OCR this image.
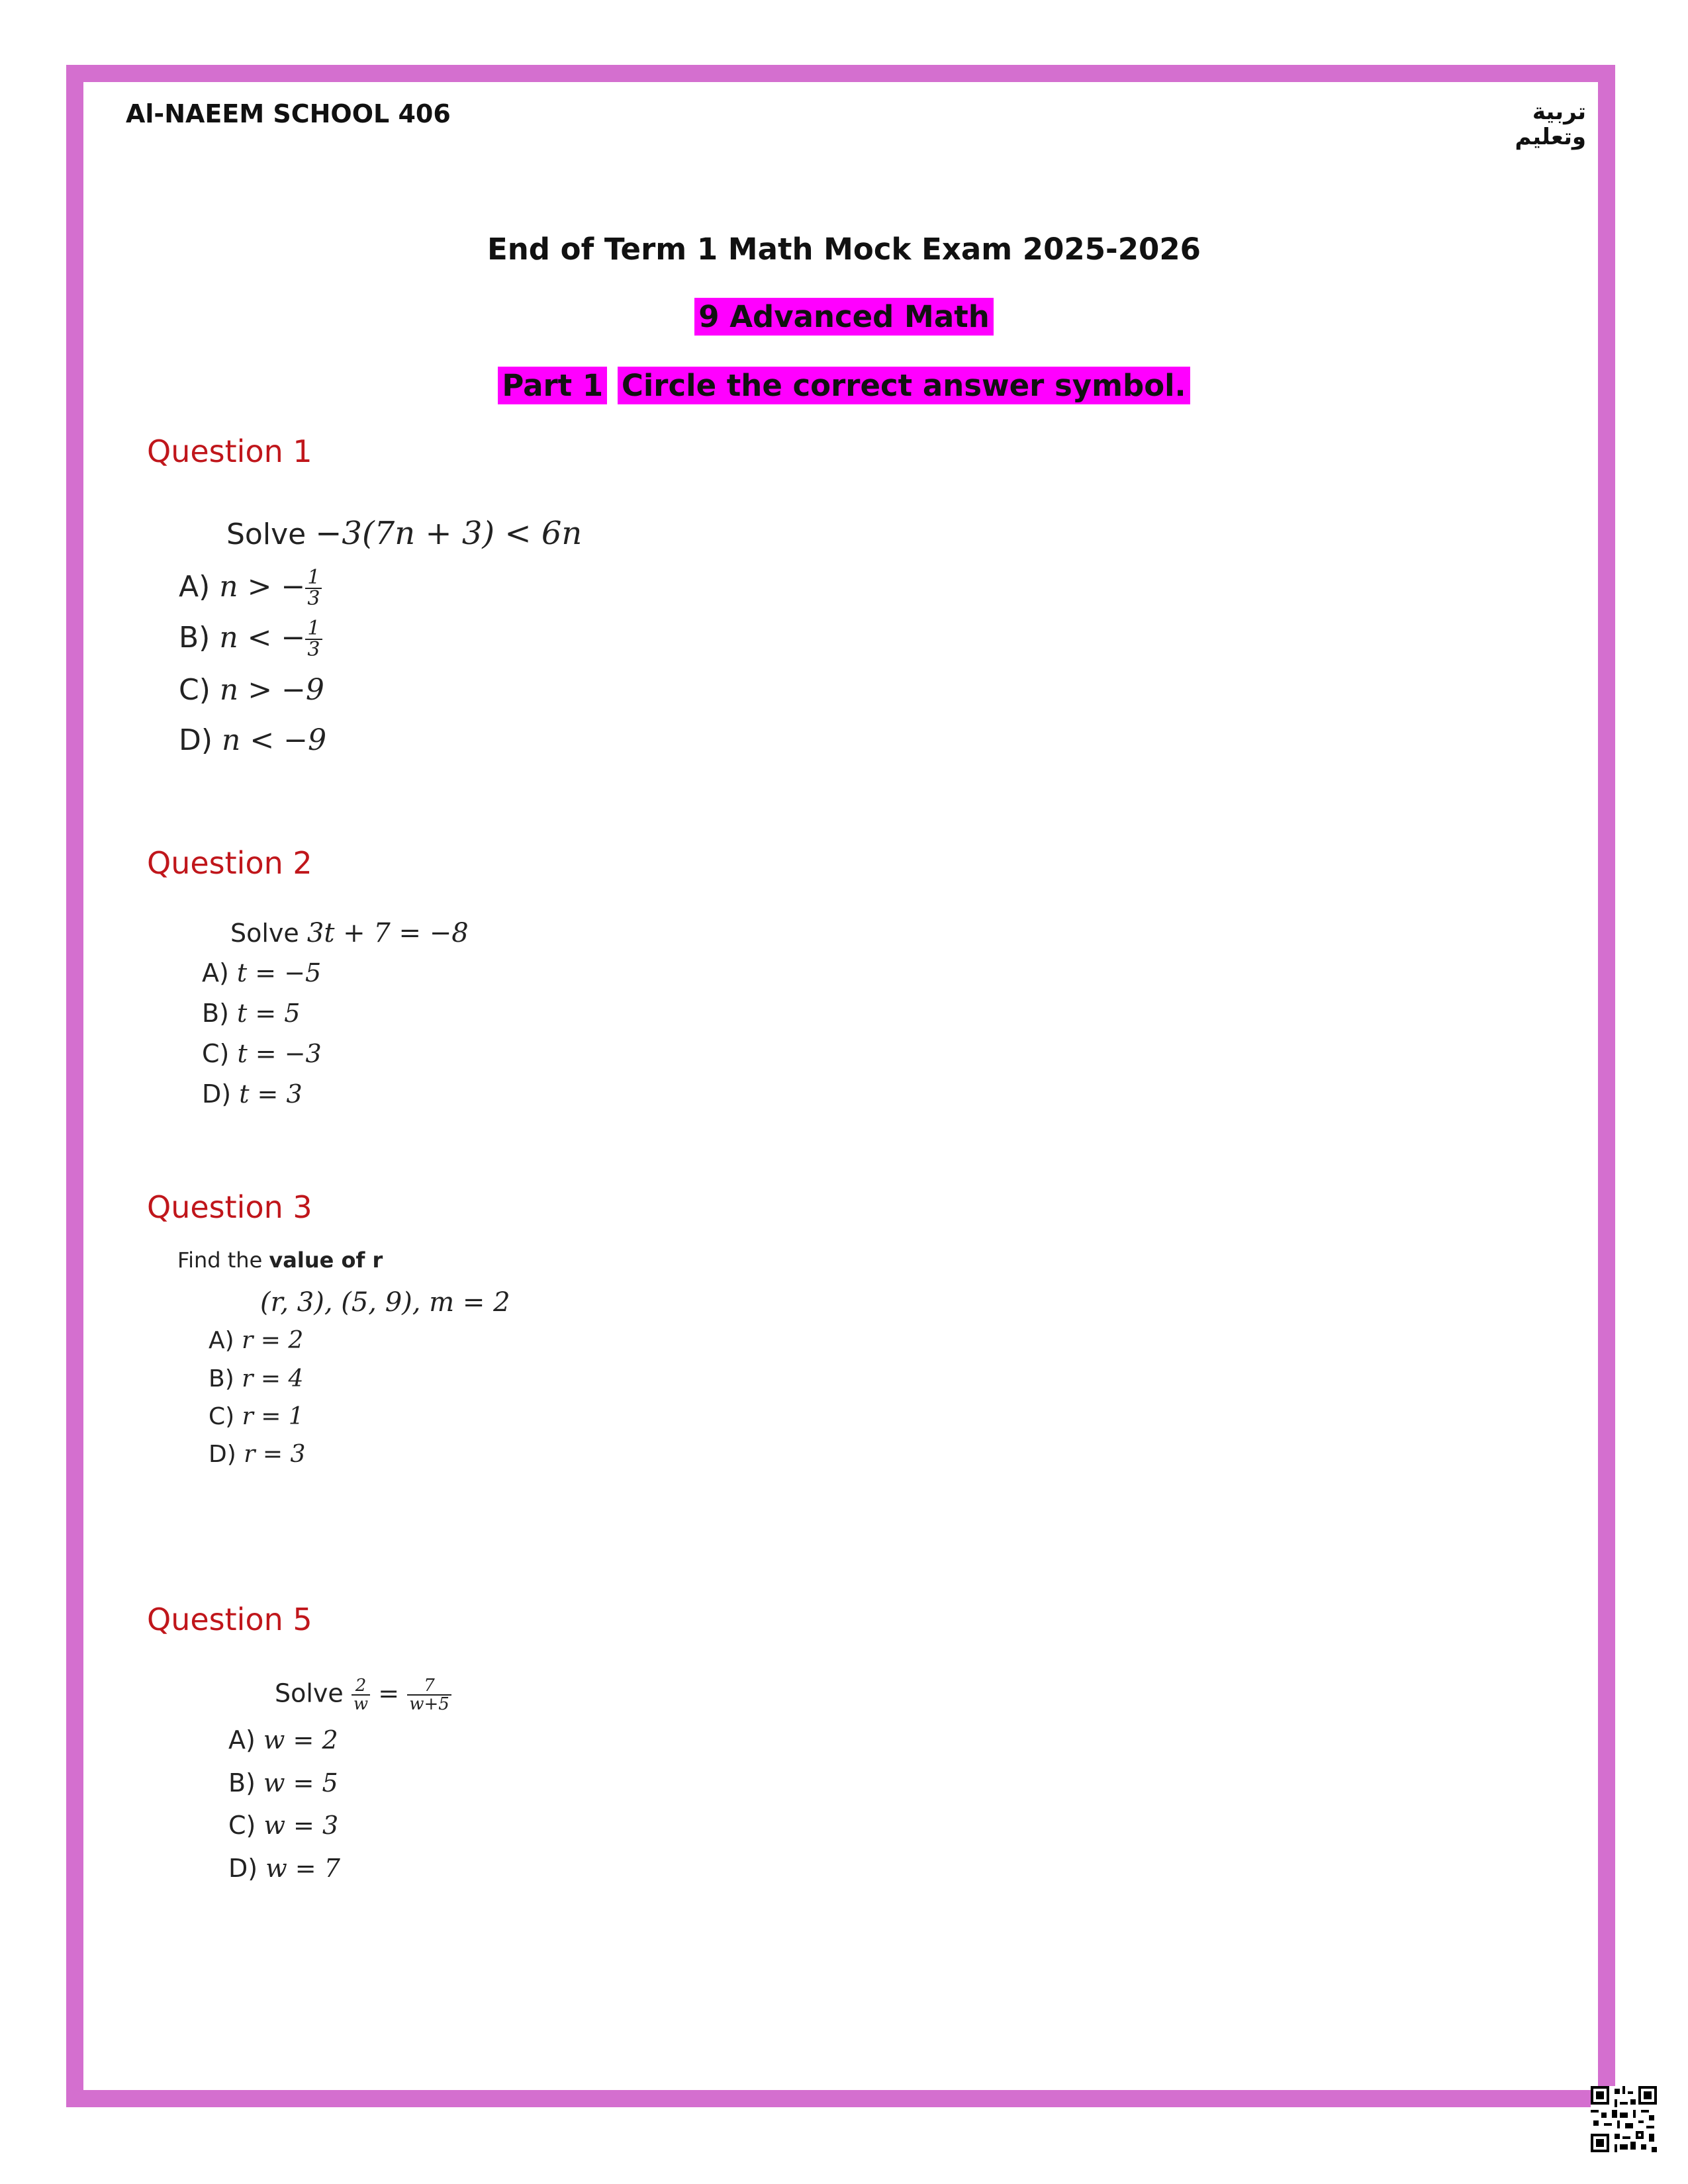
Al-NAEEM SCHOOL 406	تربية وتعليم
End of Term 1 Math Mock Exam 2025-2026
9 Advanced Math
Part 1 Circle the correct answer symbol.
Question 1
Solve −3(7n + 3) < 6n
A) n > − $\frac{1}{3}$
B) n < − $\frac{1}{3}$
C) n > −9
D) n < −9
Question 2
Solve 3t + 7 = −8
A) t = −5
B) t = 5
C) t = −3
D) t = 3
Question 3
Find the value of r
(r, 3), (5, 9), m = 2
A) r = 2
B) r = 4
C) r = 1
D) r = 3
Question 5
Solve $\frac{2}{w} = \frac{7}{w+5}$
A) w = 2
B) w = 5
C) w = 3
D) w = 7
